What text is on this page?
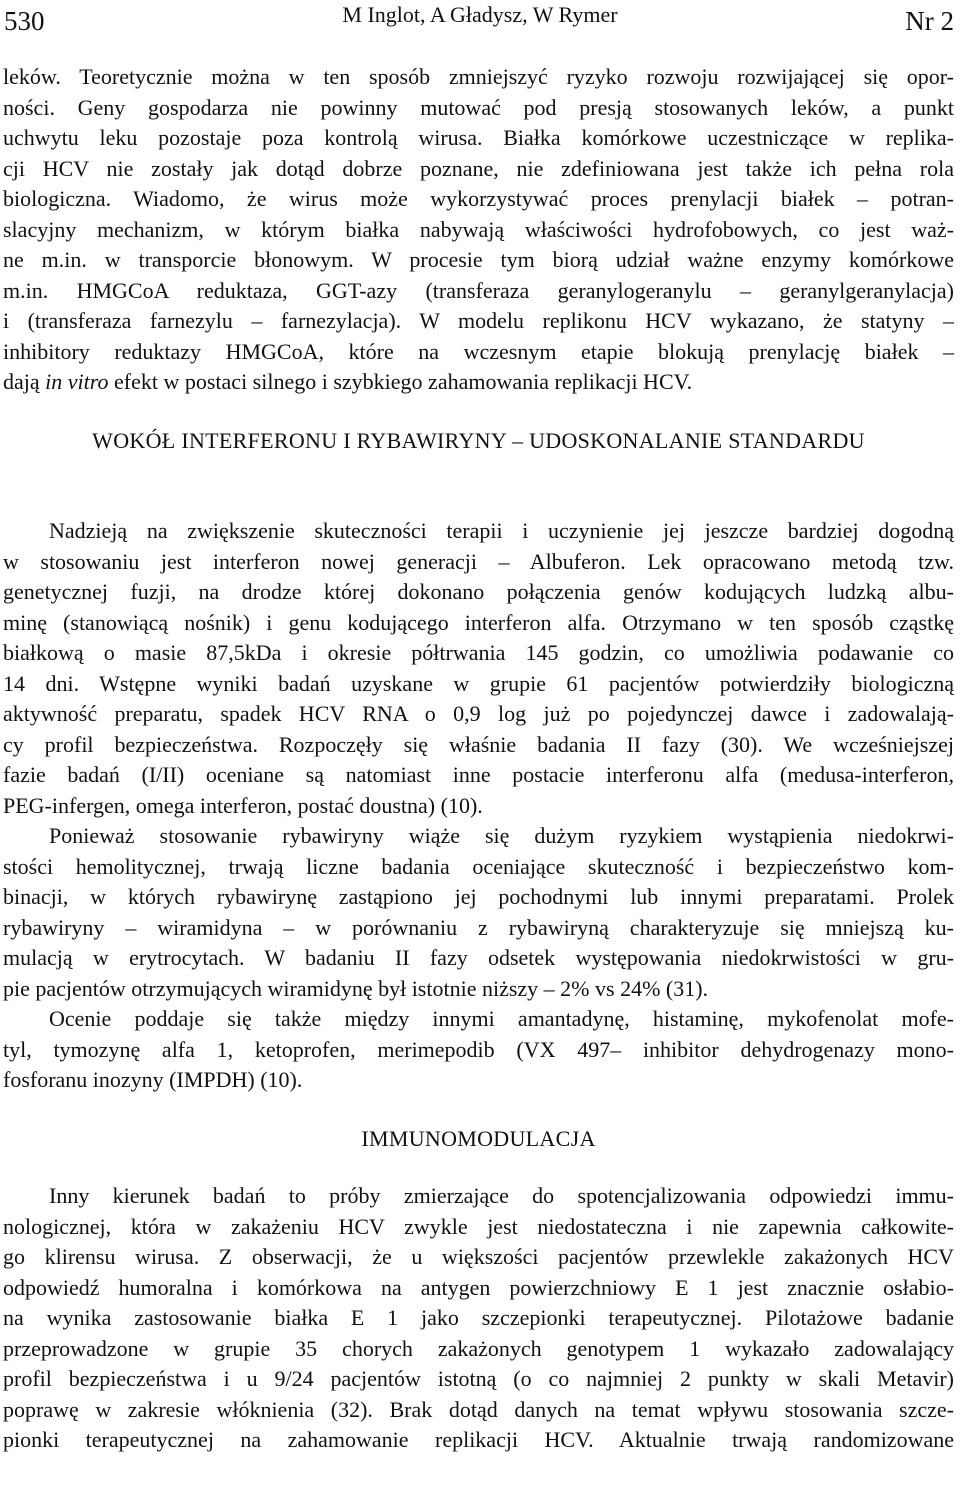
530	M Inglot, A Gładysz, W Rymer	Nr 2
leków. Teoretycznie można w ten sposób zmniejszyć ryzyko rozwoju rozwijającej się opor-
ności. Geny gospodarza nie powinny mutować pod presją stosowanych leków, a punkt
uchwytu leku pozostaje poza kontrolą wirusa. Białka komórkowe uczestniczące w replika-
cji HCV nie zostały jak dotąd dobrze poznane, nie zdefiniowana jest także ich pełna rola
biologiczna. Wiadomo, że wirus może wykorzystywać proces prenylacji białek – potran-
slacyjny mechanizm, w którym białka nabywają właściwości hydrofobowych, co jest waż-
ne m.in. w transporcie błonowym. W procesie tym biorą udział ważne enzymy komórkowe
m.in. HMGCoA reduktaza, GGT-azy (transferaza geranylogeranylu – geranylgeranylacja)
i (transferaza farnezylu – farnezylacja). W modelu replikonu HCV wykazano, że statyny –
inhibitory reduktazy HMGCoA, które na wczesnym etapie blokują prenylację białek –
dają in vitro efekt w postaci silnego i szybkiego zahamowania replikacji HCV.
WOKÓŁ INTERFERONU I RYBAWIRYNY – UDOSKONALANIE STANDARDU
Nadzieją na zwiększenie skuteczności terapii i uczynienie jej jeszcze bardziej dogodną
w stosowaniu jest interferon nowej generacji – Albuferon. Lek opracowano metodą tzw.
genetycznej fuzji, na drodze której dokonano połączenia genów kodujących ludzką albu-
minę (stanowiącą nośnik) i genu kodującego interferon alfa. Otrzymano w ten sposób cząstkę
białkową o masie 87,5kDa i okresie półtrwania 145 godzin, co umożliwia podawanie co
14 dni. Wstępne wyniki badań uzyskane w grupie 61 pacjentów potwierdziły biologiczną
aktywność preparatu, spadek HCV RNA o 0,9 log już po pojedynczej dawce i zadowalają-
cy profil bezpieczeństwa. Rozpoczęły się właśnie badania II fazy (30). We wcześniejszej
fazie badań (I/II) oceniane są natomiast inne postacie interferonu alfa (medusa-interferon,
PEG-infergen, omega interferon, postać doustna) (10).
Ponieważ stosowanie rybawiryny wiąże się dużym ryzykiem wystąpienia niedokrwi-
stości hemolitycznej, trwają liczne badania oceniające skuteczność i bezpieczeństwo kom-
binacji, w których rybawirynę zastąpiono jej pochodnymi lub innymi preparatami. Prolek
rybawiryny – wiramidyna – w porównaniu z rybawiryną charakteryzuje się mniejszą ku-
mulacją w erytrocytach. W badaniu II fazy odsetek występowania niedokrwistości w gru-
pie pacjentów otrzymujących wiramidynę był istotnie niższy – 2% vs 24% (31).
Ocenie poddaje się także między innymi amantadynę, histaminę, mykofenolat mofe-
tyl, tymozynę alfa 1, ketoprofen, merimepodib (VX 497– inhibitor dehydrogenazy mono-
fosforanu inozyny (IMPDH) (10).
IMMUNOMODULACJA
Inny kierunek badań to próby zmierzające do spotencjalizowania odpowiedzi immu-
nologicznej, która w zakażeniu HCV zwykle jest niedostateczna i nie zapewnia całkowite-
go klirensu wirusa. Z obserwacji, że u większości pacjentów przewlekle zakażonych HCV
odpowiedź humoralna i komórkowa na antygen powierzchniowy E 1 jest znacznie osłabio-
na wynika zastosowanie białka E 1 jako szczepionki terapeutycznej. Pilotażowe badanie
przeprowadzone w grupie 35 chorych zakażonych genotypem 1 wykazało zadowalający
profil bezpieczeństwa i u 9/24 pacjentów istotną (o co najmniej 2 punkty w skali Metavir)
poprawę w zakresie włóknienia (32). Brak dotąd danych na temat wpływu stosowania szcze-
pionki terapeutycznej na zahamowanie replikacji HCV. Aktualnie trwają randomizowane
